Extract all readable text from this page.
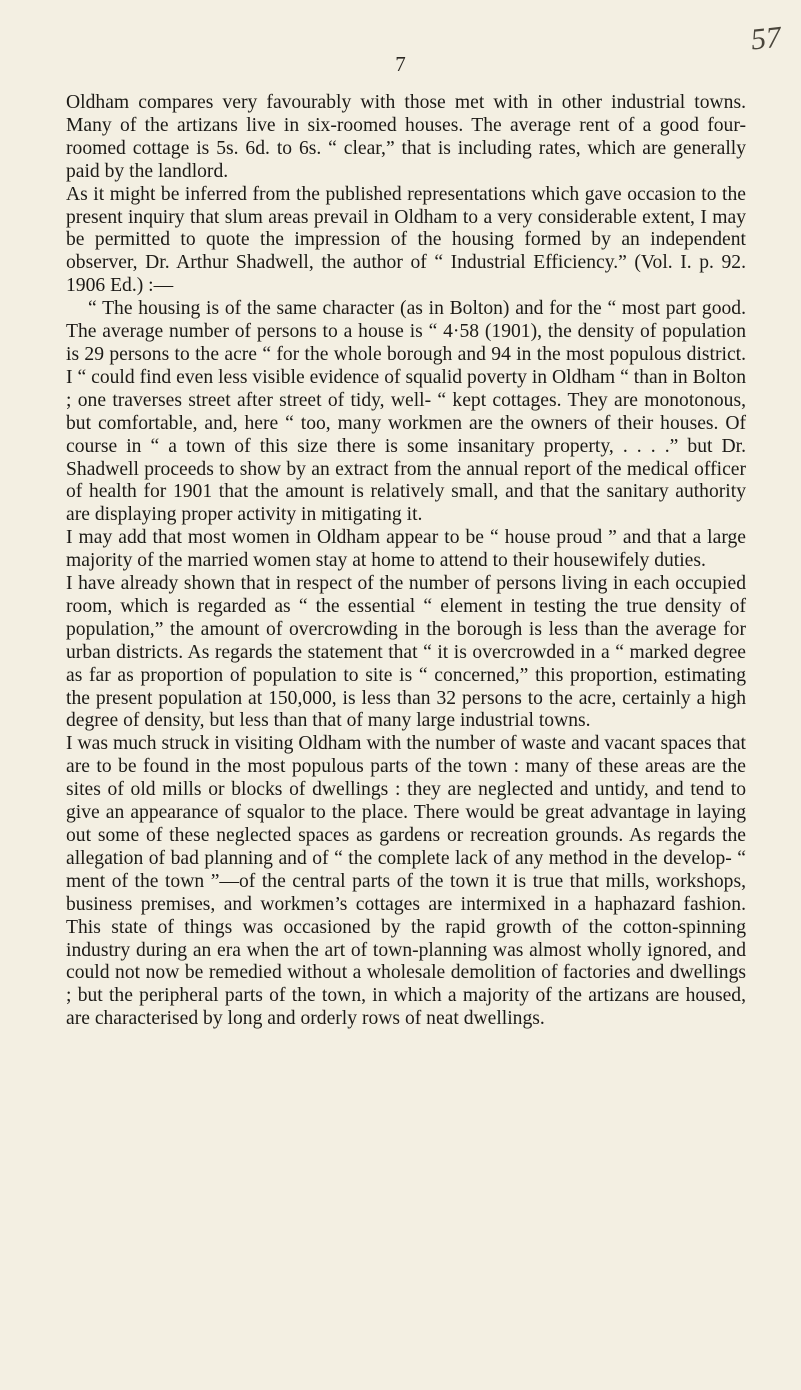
57
7

Oldham compares very favourably with those met with in other industrial towns. Many of the artizans live in six-roomed houses. The average rent of a good four-roomed cottage is 5s. 6d. to 6s. “ clear,” that is including rates, which are generally paid by the landlord.

As it might be inferred from the published representations which gave occasion to the present inquiry that slum areas prevail in Oldham to a very considerable extent, I may be permitted to quote the impression of the housing formed by an independent observer, Dr. Arthur Shadwell, the author of “ Industrial Efficiency.” (Vol. I. p. 92. 1906 Ed.) :—

“ The housing is of the same character (as in Bolton) and for the “ most part good. The average number of persons to a house is “ 4·58 (1901), the density of population is 29 persons to the acre “ for the whole borough and 94 in the most populous district. I “ could find even less visible evidence of squalid poverty in Oldham “ than in Bolton ; one traverses street after street of tidy, well- “ kept cottages. They are monotonous, but comfortable, and, here “ too, many workmen are the owners of their houses. Of course in “ a town of this size there is some insanitary property, . . . .” but Dr. Shadwell proceeds to show by an extract from the annual report of the medical officer of health for 1901 that the amount is relatively small, and that the sanitary authority are displaying proper activity in mitigating it.

I may add that most women in Oldham appear to be “ house proud ” and that a large majority of the married women stay at home to attend to their housewifely duties.

I have already shown that in respect of the number of persons living in each occupied room, which is regarded as “ the essential “ element in testing the true density of population,” the amount of overcrowding in the borough is less than the average for urban districts. As regards the statement that “ it is overcrowded in a “ marked degree as far as proportion of population to site is “ concerned,” this proportion, estimating the present population at 150,000, is less than 32 persons to the acre, certainly a high degree of density, but less than that of many large industrial towns.

I was much struck in visiting Oldham with the number of waste and vacant spaces that are to be found in the most populous parts of the town : many of these areas are the sites of old mills or blocks of dwellings : they are neglected and untidy, and tend to give an appearance of squalor to the place. There would be great advantage in laying out some of these neglected spaces as gardens or recreation grounds. As regards the allegation of bad planning and of “ the complete lack of any method in the develop- “ ment of the town ”—of the central parts of the town it is true that mills, workshops, business premises, and workmen’s cottages are intermixed in a haphazard fashion. This state of things was occasioned by the rapid growth of the cotton-spinning industry during an era when the art of town-planning was almost wholly ignored, and could not now be remedied without a wholesale demolition of factories and dwellings ; but the peripheral parts of the town, in which a majority of the artizans are housed, are characterised by long and orderly rows of neat dwellings.
